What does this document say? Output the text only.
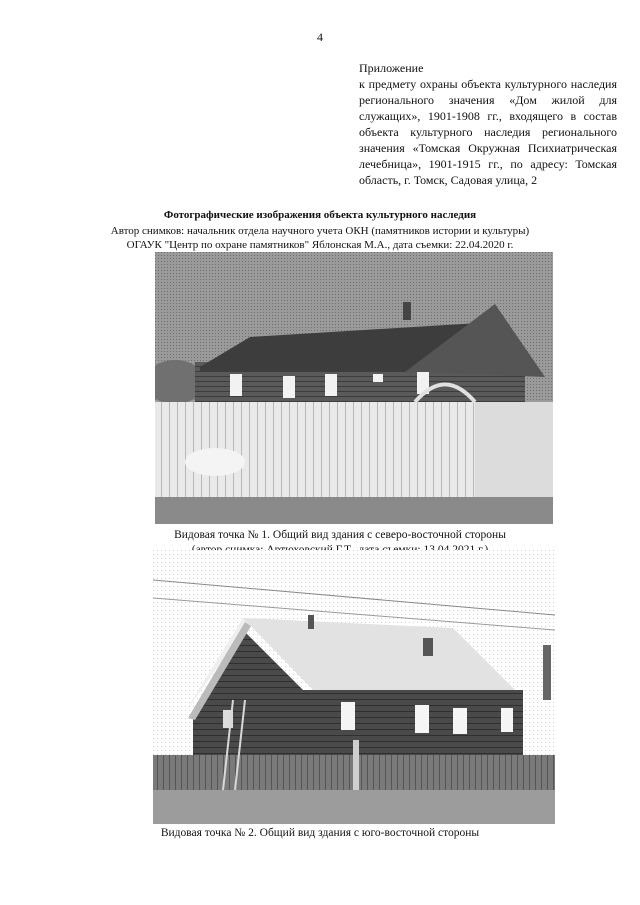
4
Приложение
к предмету охраны объекта культурного наследия регионального значения «Дом жилой для служащих», 1901-1908 гг., входящего в состав объекта культурного наследия регионального значения «Томская Окружная Психиатрическая лечебница», 1901-1915 гг., по адресу: Томская область, г. Томск, Садовая улица, 2
Фотографические изображения объекта культурного наследия
Автор снимков: начальник отдела научного учета ОКН (памятников истории и культуры)
ОГАУК "Центр по охране памятников" Яблонская М.А., дата съемки: 22.04.2020 г.
Видовая точка № 1. Общий вид здания с северо-восточной стороны
Видовая точка № 2. Общий вид здания с юго-восточной стороны
